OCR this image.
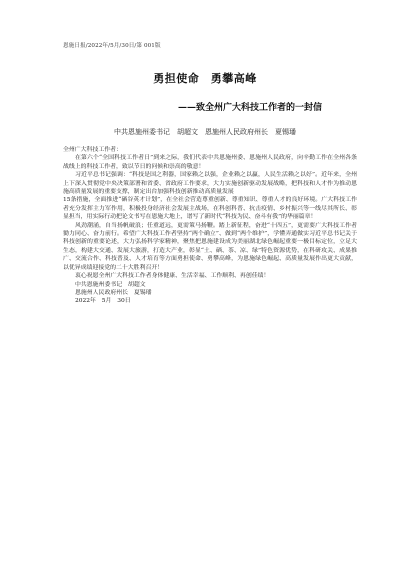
恩施日报/2022年/5月/30日/第 001版
勇担使命　勇攀高峰
——致全州广大科技工作者的一封信
中共恩施州委书记　胡超文　恩施州人民政府州长　夏锡璠

全州广大科技工作者：

在第六个“全国科技工作者日”到来之际，我们代表中共恩施州委、恩施州人民政府，向辛勤工作在全州各条战线上的科技工作者，致以节日的问候和崇高的敬意！

习近平总书记强调：“科技是国之利器，国家赖之以强，企业赖之以赢，人民生活赖之以好”。近年来，全州上下深入贯彻党中央决策部署和省委、省政府工作要求，大力实施创新驱动发展战略，把科技和人才作为推动恩施高质量发展的重要支撑，制定出台加强科技创新推动高质量发展

15条措施，全面推进“硒谷英才计划”，在全社会营造尊重创新、尊重知识、尊重人才的良好环境。广大科技工作者充分发挥主力军作用，积极投身经济社会发展主战场，在科创科普、抗击疫情、乡村振兴等一线尽其所长、彰显担当，用实际行动把论文书写在恩施大地上，谱写了新时代“科技为民、奋斗有我”的华丽篇章！

风劲潮涌，自当扬帆破浪；任重道远，更需策马扬鞭。踏上新征程，奋进“十四五”，更需要广大科技工作者勠力同心、奋力前行。希望广大科技工作者坚持“两个确立”、做到“两个维护”，学懂弄通做实习近平总书记关于科技创新的重要论述，大力弘扬科学家精神，聚焦把恩施建设成为美丽湖北绿色崛起重要一极目标定位，立足大生态，构建大交通、发展大旅游，打造大产业，彰显“土、硒、茶、凉、绿”特色资源优势，在科研攻关、成果推广、交流合作、科技普及、人才培育等方面勇担使命、勇攀高峰，为恩施绿色崛起、高质量发展作出更大贡献，以优异成绩迎接党的二十大胜利召开！

衷心祝愿全州广大科技工作者身体健康、生活幸福、工作顺利、再创佳绩！

中共恩施州委书记　胡超文
恩施州人民政府州长　夏锡璠
2022年　5月　30日
